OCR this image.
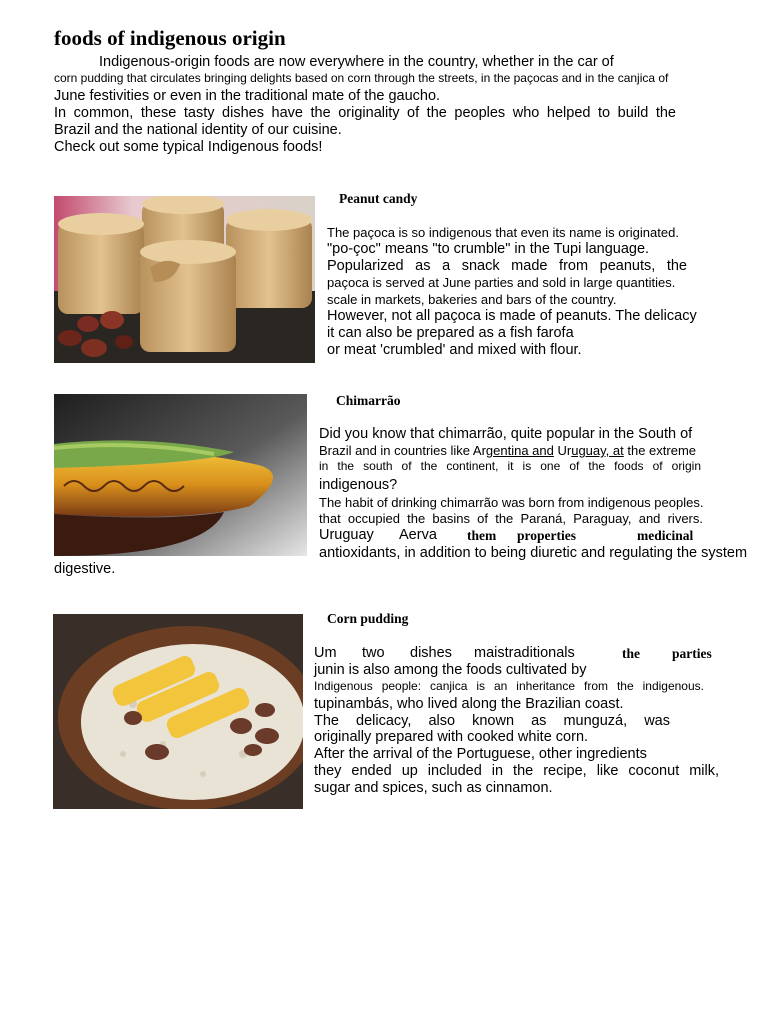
foods of indigenous origin
Indigenous-origin foods are now everywhere in the country, whether in the car of
corn pudding that circulates bringing delights based on corn through the streets, in the paçocas and in the canjica of
June festivities or even in the traditional mate of the gaucho.
In common, these tasty dishes have the originality of the peoples who helped to build the
Brazil and the national identity of our cuisine.
Check out some typical Indigenous foods!
Peanut candy
The paçoca is so indigenous that even its name is originated.
"po-çoc" means "to crumble" in the Tupi language.
Popularized as a snack made from peanuts, the
paçoca is served at June parties and sold in large quantities.
scale in markets, bakeries and bars of the country.
However, not all paçoca is made of peanuts. The delicacy
it can also be prepared as a fish farofa
or meat 'crumbled' and mixed with flour.
Chimarrão
Did you know that chimarrão, quite popular in the South of
Brazil and in countries like Argentina and Uruguay, at the extreme
in the south of the continent, it is one of the foods of origin
indigenous?
The habit of drinking chimarrão was born from indigenous peoples.
that occupied the basins of the Paraná, Paraguay, and rivers.
Uruguay Aerva them properties	medicinal
antioxidants, in addition to being diuretic and regulating the system
digestive.
Corn pudding
Um two dishes maistraditionals	the parties
junin is also among the foods cultivated by
Indigenous people: canjica is an inheritance from the indigenous.
tupinambás, who lived along the Brazilian coast.
The delicacy, also known as munguzá, was
originally prepared with cooked white corn.
After the arrival of the Portuguese, other ingredients
they ended up included in the recipe, like coconut milk,
sugar and spices, such as cinnamon.
